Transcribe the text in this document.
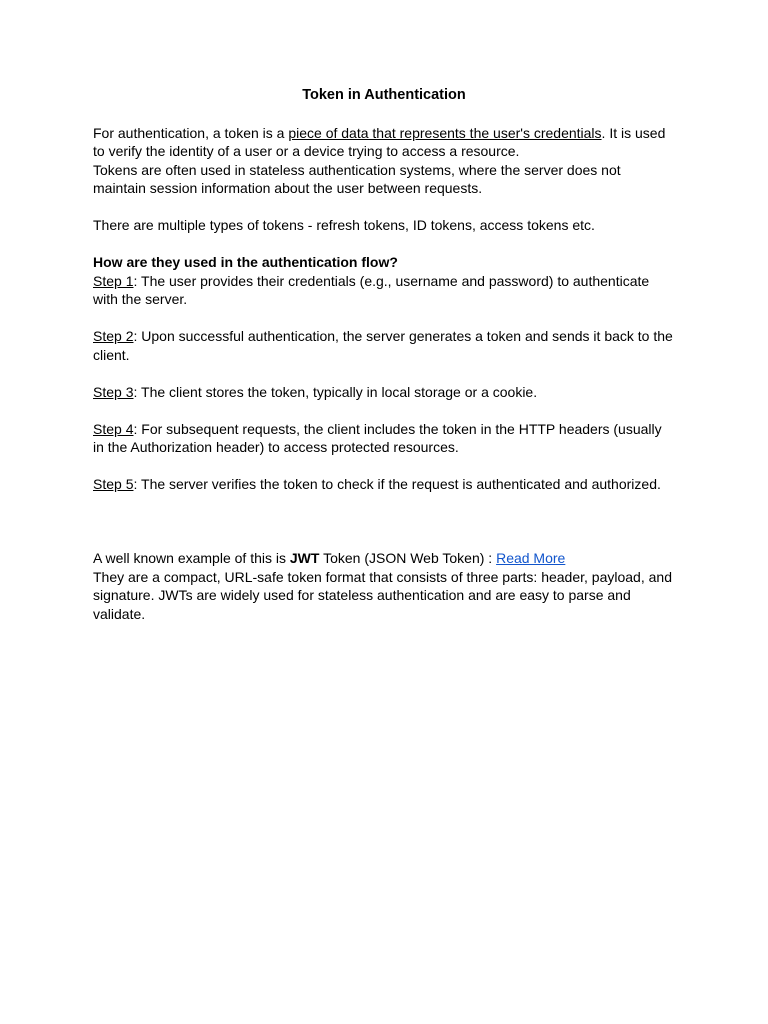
Token in Authentication

For authentication, a token is a piece of data that represents the user's credentials. It is used to verify the identity of a user or a device trying to access a resource.

Tokens are often used in stateless authentication systems, where the server does not maintain session information about the user between requests.

There are multiple types of tokens - refresh tokens, ID tokens, access tokens etc.

How are they used in the authentication flow?

Step 1: The user provides their credentials (e.g., username and password) to authenticate with the server.

Step 2: Upon successful authentication, the server generates a token and sends it back to the client.

Step 3: The client stores the token, typically in local storage or a cookie.

Step 4: For subsequent requests, the client includes the token in the HTTP headers (usually in the Authorization header) to access protected resources.

Step 5: The server verifies the token to check if the request is authenticated and authorized.

A well known example of this is JWT Token (JSON Web Token) : Read More

They are a compact, URL-safe token format that consists of three parts: header, payload, and signature. JWTs are widely used for stateless authentication and are easy to parse and validate.
